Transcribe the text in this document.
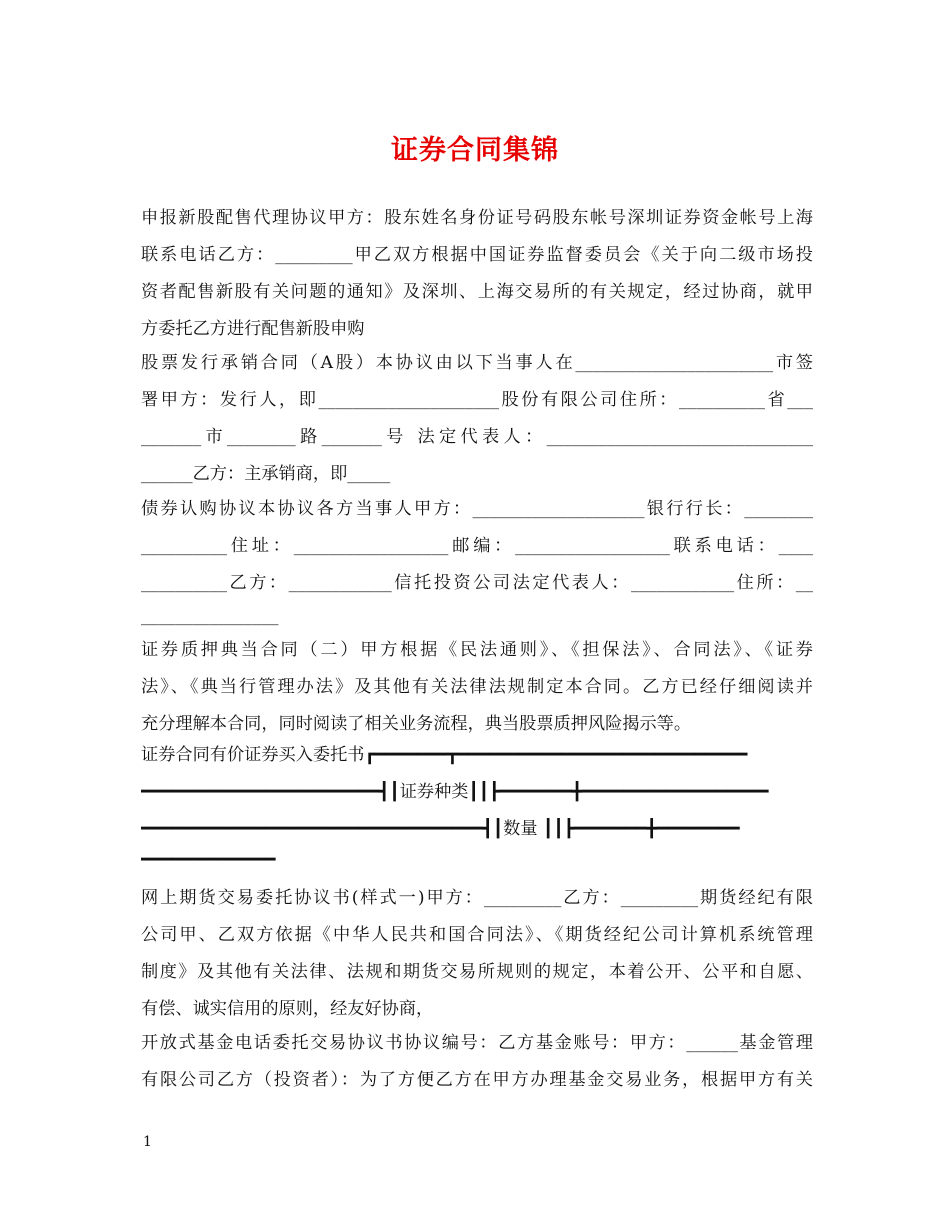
证券合同集锦
申报新股配售代理协议甲方：股东姓名身份证号码股东帐号深圳证券资金帐号上海
联系电话乙方：_________甲乙双方根据中国证券监督委员会《关于向二级市场投
资者配售新股有关问题的通知》及深圳、上海交易所的有关规定，经过协商，就甲
方委托乙方进行配售新股申购
股票发行承销合同（A股）本协议由以下当事人在_______________________市签
署甲方：发行人，即_____________________股份有限公司住所：__________省___
_______市________路_______号 法定代表人：_______________________________
______乙方：主承销商，即_____
债券认购协议本协议各方当事人甲方：____________________银行行长：________
__________住址：__________________邮编：__________________联系电话：____
__________乙方：____________信托投资公司法定代表人：____________住所：__
________________
证券质押典当合同（二）甲方根据《民法通则》、《担保法》、合同法》、《证券
法》、《典当行管理办法》及其他有关法律法规制定本合同。乙方已经仔细阅读并
充分理解本合同，同时阅读了相关业务流程，典当股票质押风险揭示等。
证券合同有价证券买入委托书┏━━━━━━━┳━━━━━━━━━━━━━━━━━━━━━━━━━━━━
━━━━━━━━━━━━━━━━━━━━━━━┫┃证券种类┃┃┣━━━━━━━╋━━━━━━━━━━━━━━━━━━
━━━━━━━━━━━━━━━━━━━━━━━━━━━━━━━━━┫┃数量 ┃┃┣━━━━━━━╋━━━━━━━━
━━━━━━━━━━━━━
网上期货交易委托协议书(样式一)甲方：_________乙方：_________期货经纪有限
公司甲、乙双方依据《中华人民共和国合同法》、《期货经纪公司计算机系统管理
制度》及其他有关法律、法规和期货交易所规则的规定，本着公开、公平和自愿、
有偿、诚实信用的原则，经友好协商，
开放式基金电话委托交易协议书协议编号：乙方基金账号：甲方：______基金管理
有限公司乙方（投资者）：为了方便乙方在甲方办理基金交易业务，根据甲方有关
1
